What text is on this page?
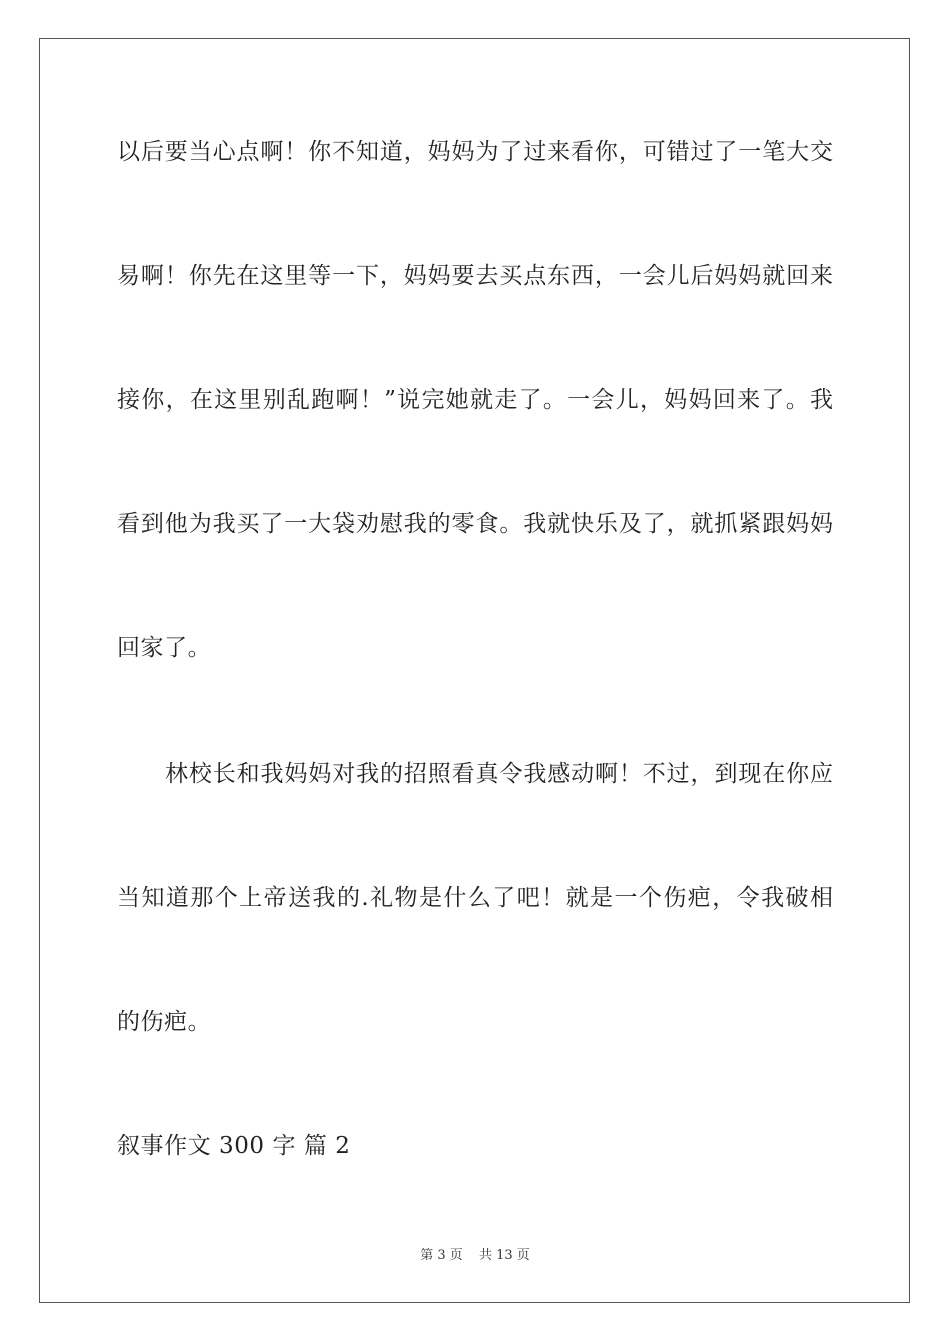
以后要当心点啊！你不知道，妈妈为了过来看你，可错过了一笔大交
易啊！你先在这里等一下，妈妈要去买点东西，一会儿后妈妈就回来
接你，在这里别乱跑啊！”说完她就走了。一会儿，妈妈回来了。我
看到他为我买了一大袋劝慰我的零食。我就快乐及了，就抓紧跟妈妈
回家了。
林校长和我妈妈对我的招照看真令我感动啊！不过，到现在你应
当知道那个上帝送我的.礼物是什么了吧！就是一个伤疤，令我破相
的伤疤。
叙事作文 300 字 篇 2
第 3 页 共 13 页
